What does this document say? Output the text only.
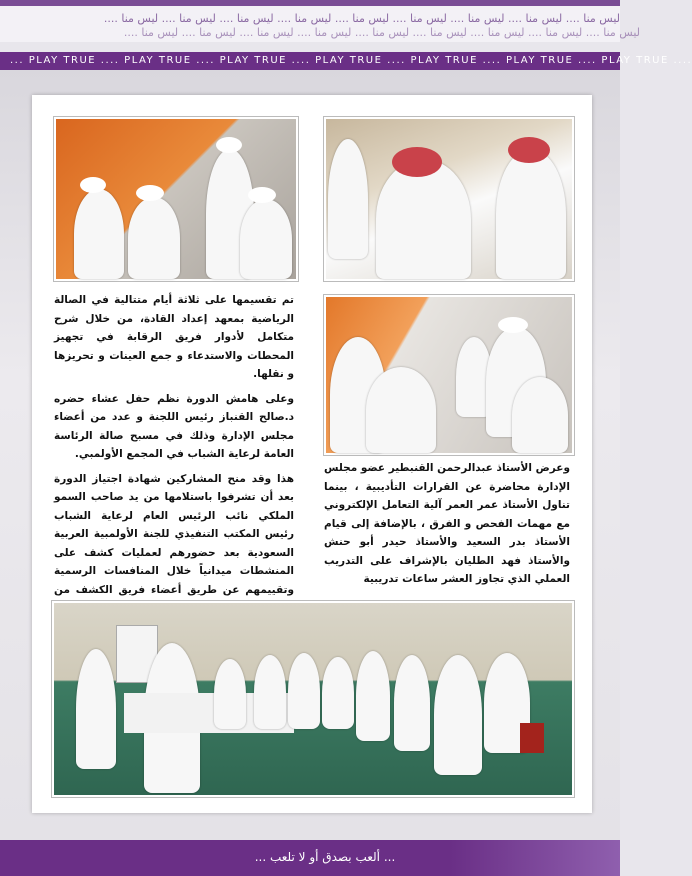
ليس منا .... ليس منا .... ليس منا .... ليس منا .... ليس منا .... ليس منا .... ليس منا .... ليس منا .... ليس منا ....
ليس منا .... ليس منا .... ليس منا .... ليس منا .... ليس منا .... ليس منا .... ليس منا .... ليس منا .... ليس منا ....
... PLAY TRUE .... PLAY TRUE .... PLAY TRUE .... PLAY TRUE .... PLAY TRUE .... PLAY TRUE .... PLAY TRUE ....

تم تقسيمها على ثلاثة أيام متتالية في الصالة الرياضية بمعهد إعداد القادة، من خلال شرح متكامل لأدوار فريق الرقابة في تجهيز المحطات والاستدعاء و جمع العينات و تحريزها و نقلها.

وعلى هامش الدورة نظم حفل عشاء حضره د.صالح القنباز رئيس اللجنة و عدد من أعضاء مجلس الإدارة وذلك في مسبح صالة الرئاسة العامة لرعاية الشباب في المجمع الأولمبي.

هذا وقد منح المشاركين شهادة اجتياز الدورة بعد أن تشرفوا باستلامها من يد صاحب السمو الملكي نائب الرئيس العام لرعاية الشباب رئيس المكتب التنفيذي للجنة الأولمبية العربية السعودية بعد حضورهم لعمليات كشف على المنشطات ميدانياً خلال المنافسات الرسمية وتقييمهم عن طريق أعضاء فريق الكشف من

وعرض الأستاذ عبدالرحمن القنبطير عضو مجلس الإدارة محاضرة عن القرارات التأديبية ، بينما تناول الأستاذ عمر العمر آلية التعامل الإلكتروني مع مهمات الفحص و الفرق ، بالإضافة إلى قيام الأستاذ بدر السعيد والأستاذ حيدر أبو حنش والأستاذ فهد الطليان بالإشراف على التدريب العملي الذي تجاوز العشر ساعات تدريبية

... ألعب بصدق أو لا تلعب ...
